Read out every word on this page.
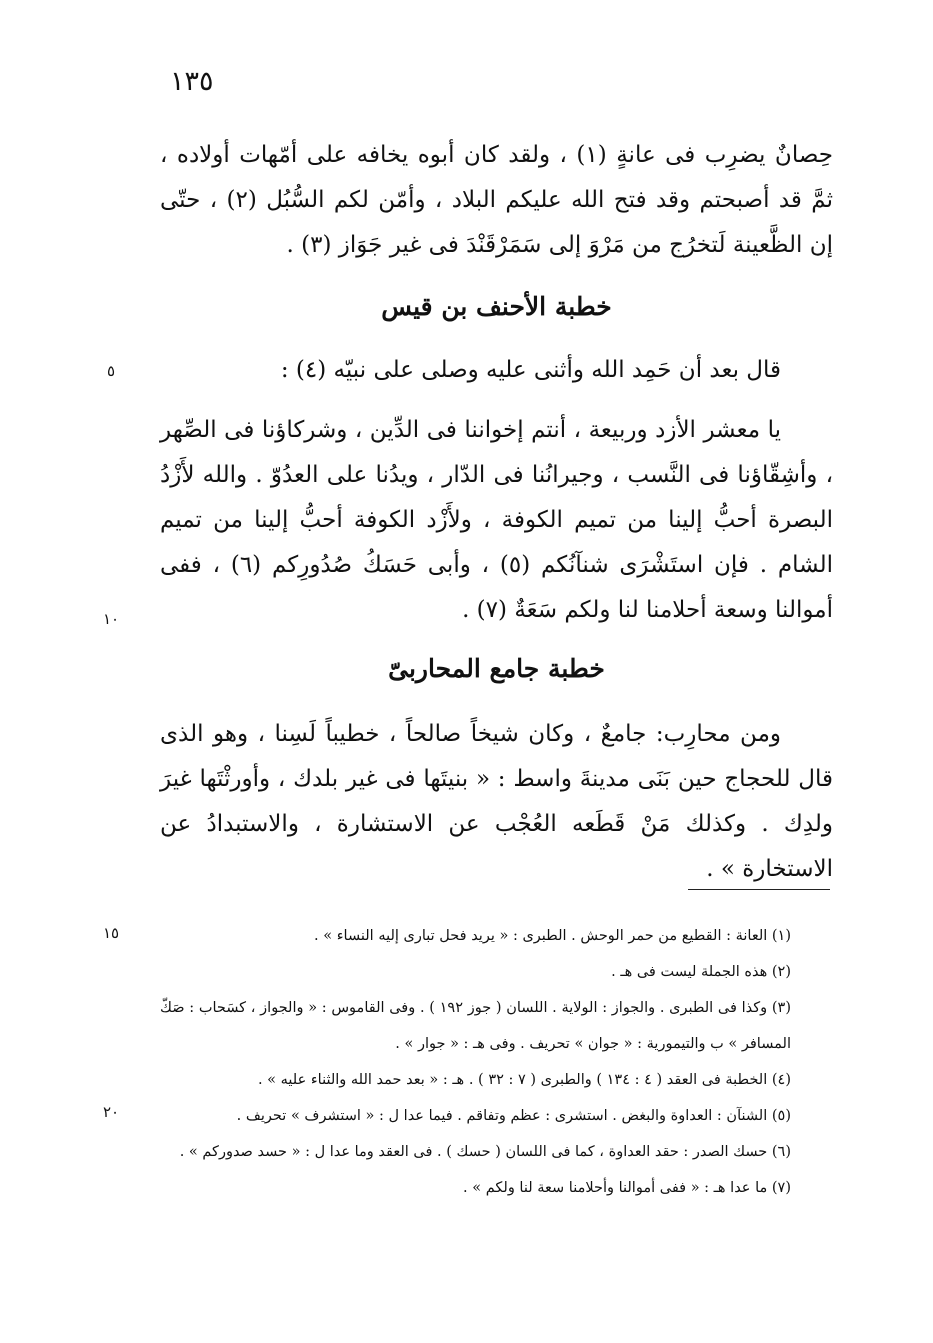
١٣٥
حِصانٌ يضرِب فى عانةٍ (١) ، ولقد كان أبوه يخافه على أمّهات أولاده ، ثمَّ قد أصبحتم وقد فتح الله عليكم البلاد ، وأمّن لكم السُّبُل (٢) ، حتّى إن الظَّعينة لَتخرُج من مَرْوَ إلى سَمَرْقَنْدَ فى غير جَوَاز (٣) .
خطبة الأحنف بن قيس
قال بعد أن حَمِد الله وأثنى عليه وصلى على نبيّه (٤) :
يا معشر الأزد وربيعة ، أنتم إخواننا فى الدِّين ، وشركاؤنا فى الصِّهر ، وأشِقّاؤنا فى النَّسب ، وجيرانُنا فى الدّار ، ويدُنا على العدُوّ . والله لأَزْدُ البصرة أحبُّ إلينا من تميم الكوفة ، ولأَزْد الكوفة أحبُّ إلينا من تميم الشام . فإن استَشْرَى شنآنُكم (٥) ، وأبى حَسَكُ صُدُورِكم (٦) ، ففى أموالنا وسعة أحلامنا لنا ولكم سَعَةٌ (٧) .
خطبة جامع المحاربىّ
ومن محارِب: جامعٌ ، وكان شيخاً صالحاً ، خطيباً لَسِنا ، وهو الذى قال للحجاج حين بَنَى مدينةَ واسط : « بنيتَها فى غير بلدك ، وأورثْتَها غيرَ ولدِك . وكذلك مَنْ قَطَعه العُجْب عن الاستشارة ، والاستبدادُ عن الاستخارة » .
٥
١٠
١٥
٢٠
(١) العانة : القطيع من حمر الوحش . الطبرى : « يريد فحل تبارى إليه النساء » .
(٢) هذه الجملة ليست فى هـ .
(٣) وكذا فى الطبرى . والجواز : الولاية . اللسان ( جوز ١٩٢ ) . وفى القاموس : « والجواز ، كسَحاب : صَكّ المسافر » ب والتيمورية : « جوان » تحريف . وفى هـ : « جوار » .
(٤) الخطبة فى العقد ( ٤ : ١٣٤ ) والطبرى ( ٧ : ٣٢ ) . هـ : « بعد حمد الله والثناء عليه » .
(٥) الشنآن : العداوة والبغض . استشرى : عظم وتفاقم . فيما عدا ل : « استشرف » تحريف .
(٦) حسك الصدر : حقد العداوة ، كما فى اللسان ( حسك ) . فى العقد وما عدا ل : « حسد صدوركم » .
(٧) ما عدا هـ : « ففى أموالنا وأحلامنا سعة لنا ولكم » .
